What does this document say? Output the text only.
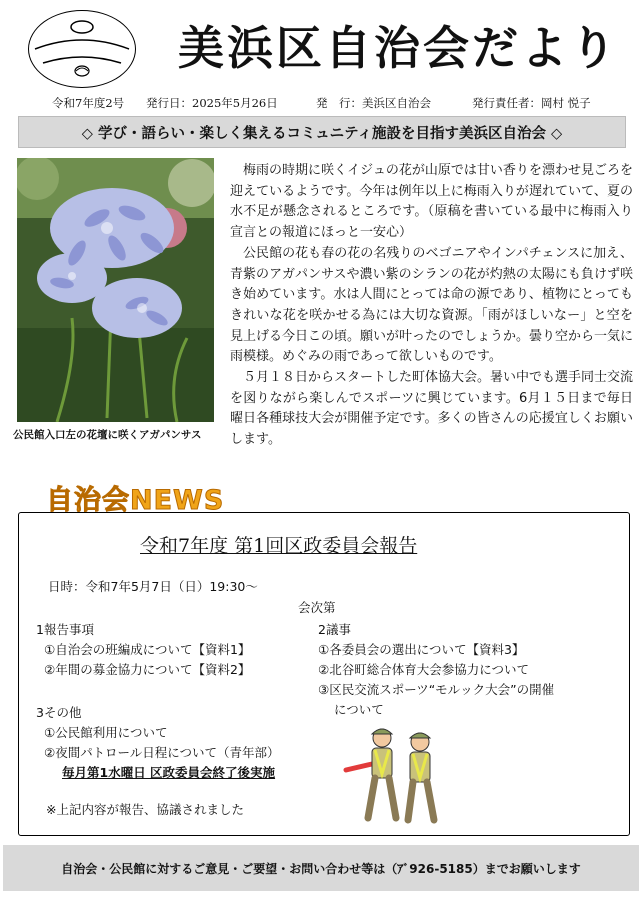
美浜区自治会だより
令和7年度2号 発行日：2025年5月26日	発　行：美浜区自治会	発行責任者：岡村 悦子
◇ 学び・語らい・楽しく集えるコミュニティ施設を目指す美浜区自治会 ◇
公民館入口左の花壇に咲くアガパンサス

梅雨の時期に咲くイジュの花が山原では甘い香りを漂わせ見ごろを迎えているようです。今年は例年以上に梅雨入りが遅れていて、夏の水不足が懸念されるところです。（原稿を書いている最中に梅雨入り宣言との報道にほっと一安心）

公民館の花も春の花の名残りのベゴニアやインパチェンスに加え、青紫のアガパンサスや濃い紫のシランの花が灼熱の太陽にも負けず咲き始めています。水は人間にとっては命の源であり、植物にとってもきれいな花を咲かせる為には大切な資源。「雨がほしいなー」と空を見上げる今日この頃。願いが叶ったのでしょうか。曇り空から一気に雨模様。めぐみの雨であって欲しいものです。

５月１８日からスタートした町体協大会。暑い中でも選手同士交流を図りながら楽しんでスポーツに興じています。6月１５日まで毎日曜日各種球技大会が開催予定です。多くの皆さんの応援宜しくお願いします。

自治会NEWS
令和7年度 第1回区政委員会報告
日時：令和7年5月7日（日）19:30～
会次第
1報告事項
①自治会の班編成について【資料1】
②年間の募金協力について【資料2】
2議事
①各委員会の選出について【資料3】
②北谷町総合体育大会参協力について
③区民交流スポーツ“モルック大会”の開催
について
3その他
①公民館利用について
②夜間パトロール日程について（青年部）
毎月第1水曜日 区政委員会終了後実施
※上記内容が報告、協議されました
自治会・公民館に対するご意見・ご要望・お問い合わせ等は（ｱﾞ926-5185）までお願いします
